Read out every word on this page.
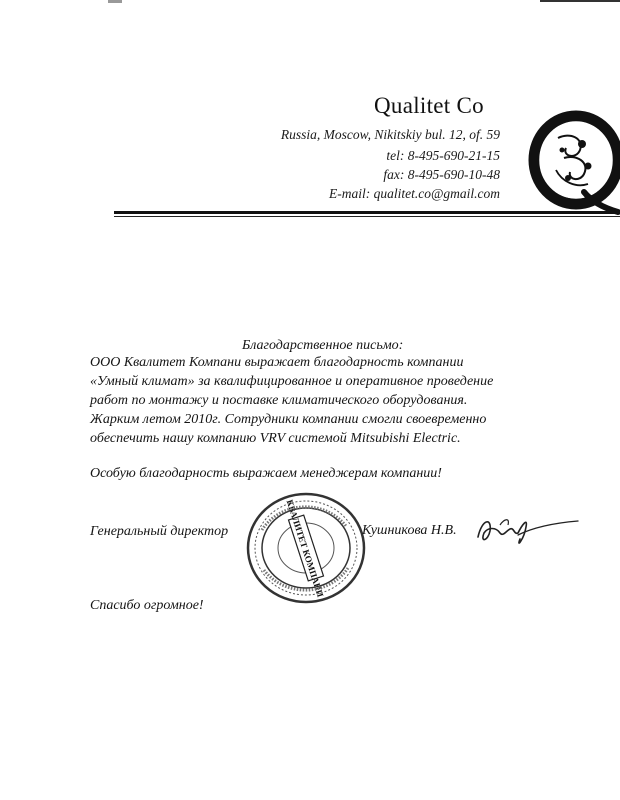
Qualitet Co
Russia, Moscow, Nikitskiy bul. 12, of. 59
tel: 8-495-690-21-15
fax: 8-495-690-10-48
E-mail: qualitet.co@gmail.com
Благодарственное письмо:
ООО Квалитет Компани выражает благодарность компании
«Умный климат» за квалифицированное и оперативное проведение
работ по монтажу и поставке климатического оборудования.
Жарким летом 2010г. Сотрудники компании смогли своевременно
обеспечить нашу компанию VRV системой Mitsubishi Electric.
Особую благодарность выражаем менеджерам компании!
Генеральный директор	КВАЛИТЕТ КОМПАНИ	Кушникова Н.В.
Спасибо огромное!
